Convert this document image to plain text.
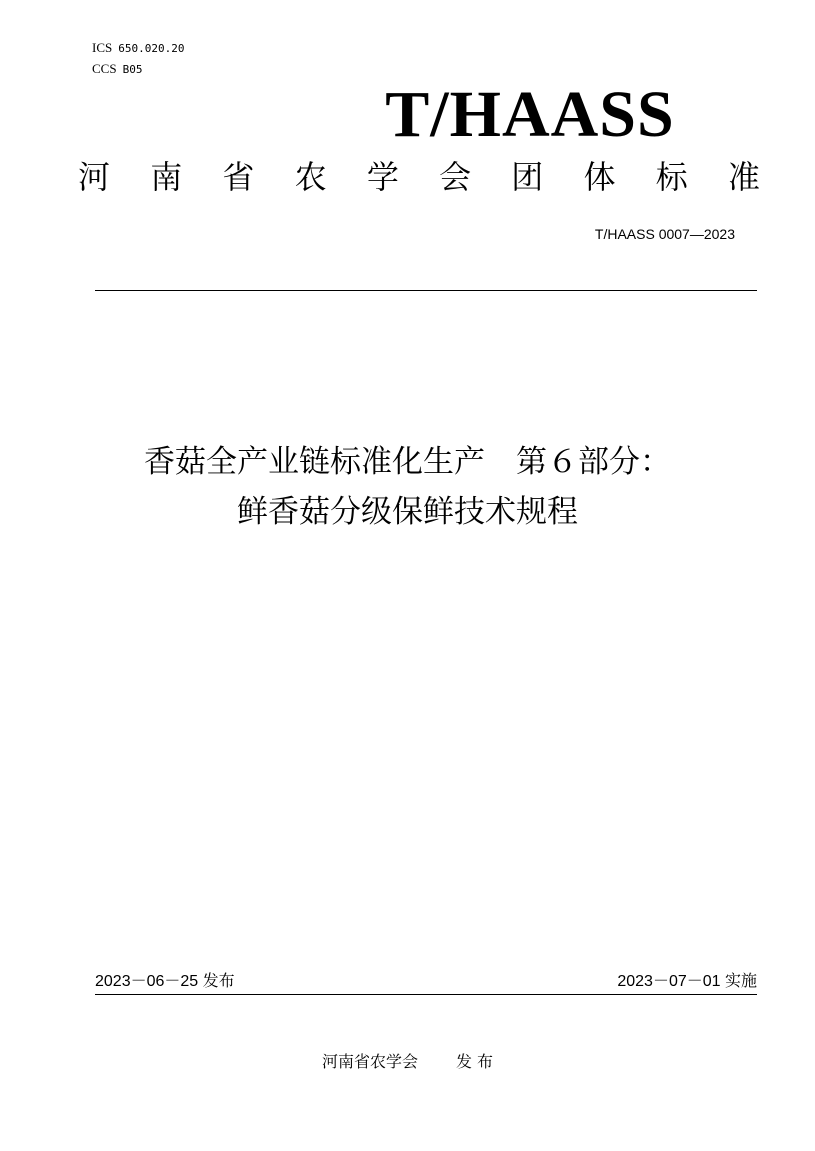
ICS 650.020.20
CCS B05
T/HAASS
河 南 省 农 学 会 团 体 标 准
T/HAASS 0007—2023
香菇全产业链标准化生产　第６部分：
鲜香菇分级保鲜技术规程
2023－06－25 发布	2023－07－01 实施
河南省农学会 发 布
